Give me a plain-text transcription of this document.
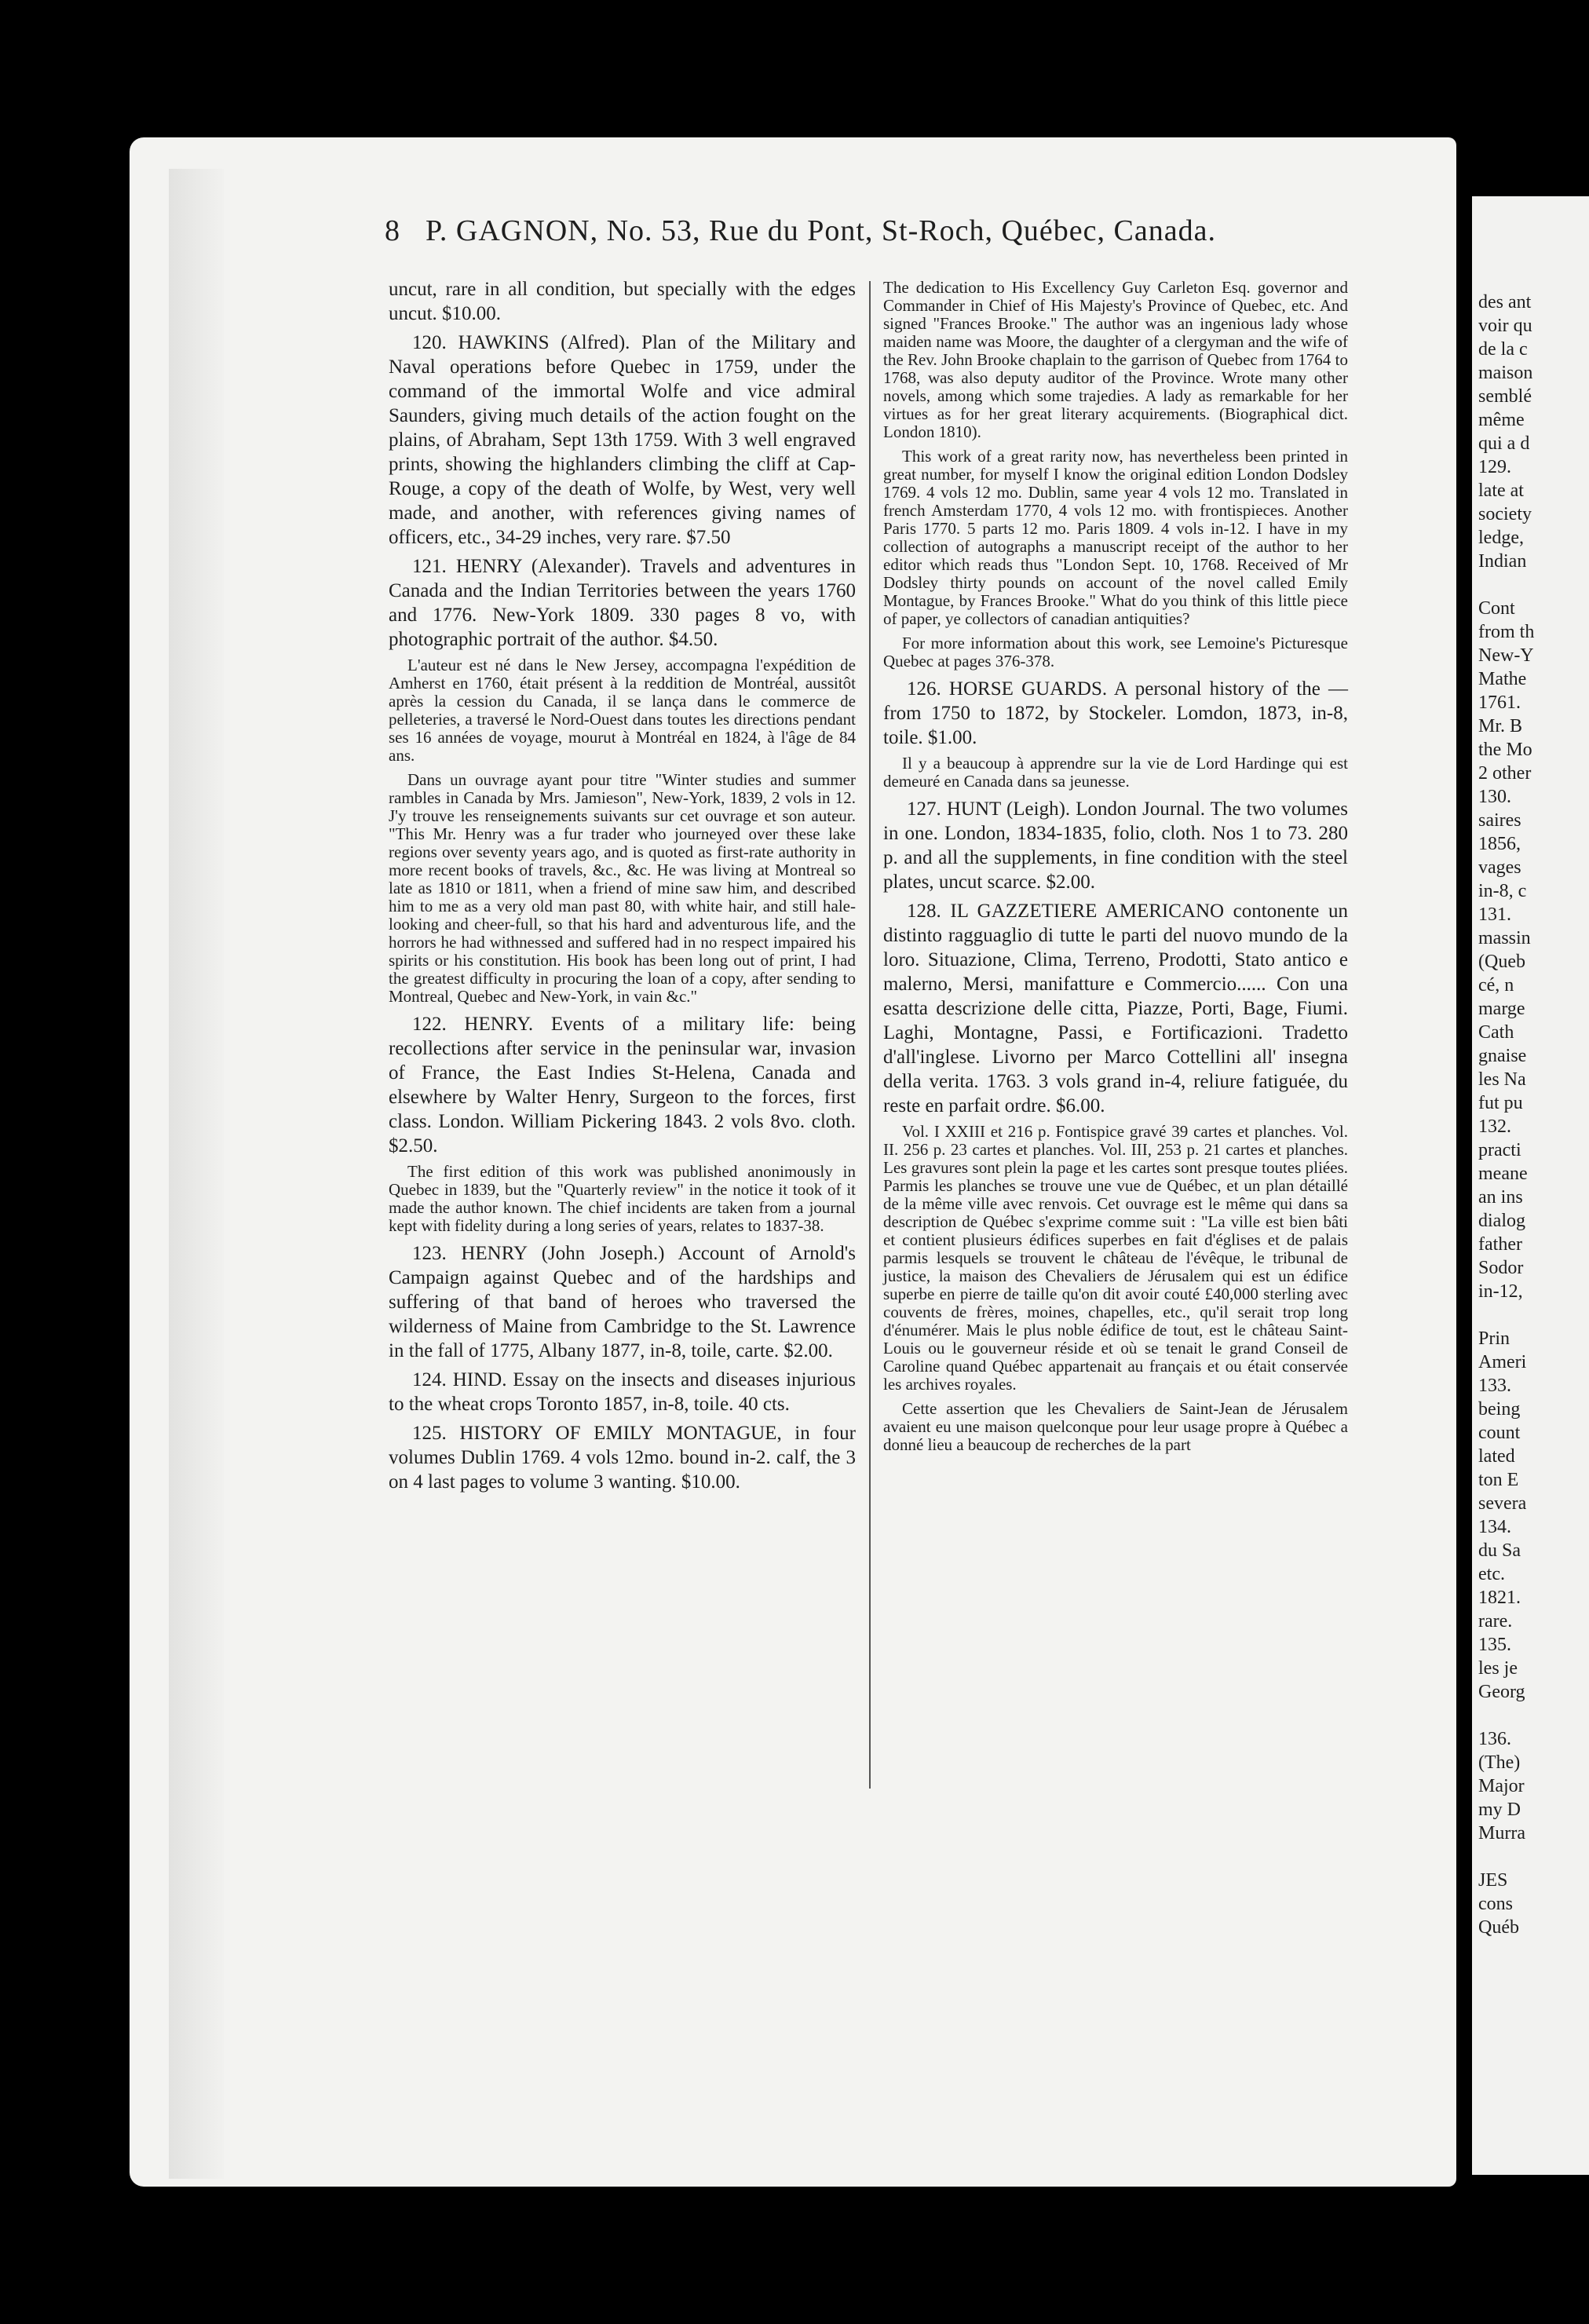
8 P. GAGNON, No. 53, Rue du Pont, St-Roch, Québec, Canada.

uncut, rare in all condition, but specially with the edges uncut. $10.00.

120. HAWKINS (Alfred). Plan of the Military and Naval operations before Quebec in 1759, under the command of the immortal Wolfe and vice admiral Saunders, giving much details of the action fought on the plains, of Abraham, Sept 13th 1759. With 3 well engraved prints, showing the highlanders climbing the cliff at Cap-Rouge, a copy of the death of Wolfe, by West, very well made, and another, with references giving names of officers, etc., 34-29 inches, very rare. $7.50

121. HENRY (Alexander). Travels and adventures in Canada and the Indian Territories between the years 1760 and 1776. New-York 1809. 330 pages 8 vo, with photographic portrait of the author. $4.50.

L'auteur est né dans le New Jersey, accompagna l'expédition de Amherst en 1760, était présent à la reddition de Montréal, aussitôt après la cession du Canada, il se lança dans le commerce de pelleteries, a traversé le Nord-Ouest dans toutes les directions pendant ses 16 années de voyage, mourut à Montréal en 1824, à l'âge de 84 ans.

Dans un ouvrage ayant pour titre "Winter studies and summer rambles in Canada by Mrs. Jamieson", New-York, 1839, 2 vols in 12. J'y trouve les renseignements suivants sur cet ouvrage et son auteur. "This Mr. Henry was a fur trader who journeyed over these lake regions over seventy years ago, and is quoted as first-rate authority in more recent books of travels, &c., &c. He was living at Montreal so late as 1810 or 1811, when a friend of mine saw him, and described him to me as a very old man past 80, with white hair, and still hale-looking and cheer-full, so that his hard and adventurous life, and the horrors he had withnessed and suffered had in no respect impaired his spirits or his constitution. His book has been long out of print, I had the greatest difficulty in procuring the loan of a copy, after sending to Montreal, Quebec and New-York, in vain &c."

122. HENRY. Events of a military life: being recollections after service in the peninsular war, invasion of France, the East Indies St-Helena, Canada and elsewhere by Walter Henry, Surgeon to the forces, first class. London. William Pickering 1843. 2 vols 8vo. cloth. $2.50.

The first edition of this work was published anonimously in Quebec in 1839, but the "Quarterly review" in the notice it took of it made the author known. The chief incidents are taken from a journal kept with fidelity during a long series of years, relates to 1837-38.

123. HENRY (John Joseph.) Account of Arnold's Campaign against Quebec and of the hardships and suffering of that band of heroes who traversed the wilderness of Maine from Cambridge to the St. Lawrence in the fall of 1775, Albany 1877, in-8, toile, carte. $2.00.

124. HIND. Essay on the insects and diseases injurious to the wheat crops Toronto 1857, in-8, toile. 40 cts.

125. HISTORY OF EMILY MONTAGUE, in four volumes Dublin 1769. 4 vols 12mo. bound in-2. calf, the 3 on 4 last pages to volume 3 wanting. $10.00.

The dedication to His Excellency Guy Carleton Esq. governor and Commander in Chief of His Majesty's Province of Quebec, etc. And signed "Frances Brooke." The author was an ingenious lady whose maiden name was Moore, the daughter of a clergyman and the wife of the Rev. John Brooke chaplain to the garrison of Quebec from 1764 to 1768, was also deputy auditor of the Province. Wrote many other novels, among which some trajedies. A lady as remarkable for her virtues as for her great literary acquirements. (Biographical dict. London 1810).

This work of a great rarity now, has nevertheless been printed in great number, for myself I know the original edition London Dodsley 1769. 4 vols 12 mo. Dublin, same year 4 vols 12 mo. Translated in french Amsterdam 1770, 4 vols 12 mo. with frontispieces. Another Paris 1770. 5 parts 12 mo. Paris 1809. 4 vols in-12. I have in my collection of autographs a manuscript receipt of the author to her editor which reads thus "London Sept. 10, 1768. Received of Mr Dodsley thirty pounds on account of the novel called Emily Montague, by Frances Brooke." What do you think of this little piece of paper, ye collectors of canadian antiquities?

For more information about this work, see Lemoine's Picturesque Quebec at pages 376-378.

126. HORSE GUARDS. A personal history of the — from 1750 to 1872, by Stockeler. Lomdon, 1873, in-8, toile. $1.00.

Il y a beaucoup à apprendre sur la vie de Lord Hardinge qui est demeuré en Canada dans sa jeunesse.

127. HUNT (Leigh). London Journal. The two volumes in one. London, 1834-1835, folio, cloth. Nos 1 to 73. 280 p. and all the supplements, in fine condition with the steel plates, uncut scarce. $2.00.

128. IL GAZZETIERE AMERICANO contonente un distinto ragguaglio di tutte le parti del nuovo mundo de la loro. Situazione, Clima, Terreno, Prodotti, Stato antico e malerno, Mersi, manifatture e Commercio...... Con una esatta descrizione delle citta, Piazze, Porti, Bage, Fiumi. Laghi, Montagne, Passi, e Fortificazioni. Tradetto d'all'inglese. Livorno per Marco Cottellini all' insegna della verita. 1763. 3 vols grand in-4, reliure fatiguée, du reste en parfait ordre. $6.00.

Vol. I XXIII et 216 p. Fontispice gravé 39 cartes et planches. Vol. II. 256 p. 23 cartes et planches. Vol. III, 253 p. 21 cartes et planches. Les gravures sont plein la page et les cartes sont presque toutes pliées. Parmis les planches se trouve une vue de Québec, et un plan détaillé de la même ville avec renvois. Cet ouvrage est le même qui dans sa description de Québec s'exprime comme suit : "La ville est bien bâti et contient plusieurs édifices superbes en fait d'églises et de palais parmis lesquels se trouvent le château de l'évêque, le tribunal de justice, la maison des Chevaliers de Jérusalem qui est un édifice superbe en pierre de taille qu'on dit avoir couté £40,000 sterling avec couvents de frères, moines, chapelles, etc., qu'il serait trop long d'énumérer. Mais le plus noble édifice de tout, est le château Saint-Louis ou le gouverneur réside et où se tenait le grand Conseil de Caroline quand Québec appartenait au français et ou était conservée les archives royales.

Cette assertion que les Chevaliers de Saint-Jean de Jérusalem avaient eu une maison quelconque pour leur usage propre à Québec a donné lieu a beaucoup de recherches de la part

des ant
voir qu
de la c
maison
semblé
même
qui a d
129.
late at
society
ledge,
Indian
Cont
from th
New-Y
Mathe
1761.
Mr. B
the Mo
2 other
130.
saires
1856,
vages
in-8, c
131.
massin
(Queb
cé, n
marge
Cath
gnaise
les Na
fut pu
132.
practi
meane
an ins
dialog
father
Sodor
in-12,
Prin
Ameri
133.
being
count
lated
ton E
severa
134.
du Sa
etc.
1821.
rare.
135.
les je
Georg
136.
(The)
Major
my D
Murra
JES
cons
Québ
